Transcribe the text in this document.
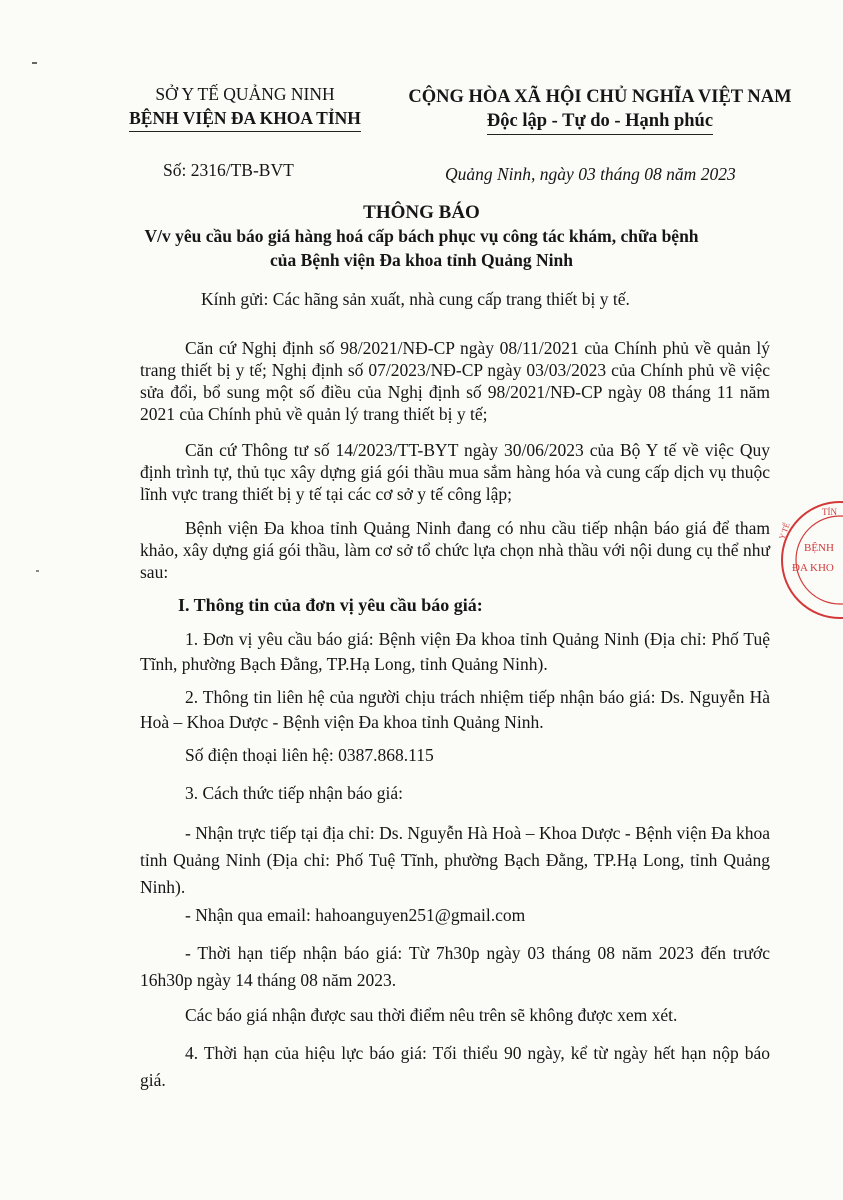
SỞ Y TẾ QUẢNG NINH
BỆNH VIỆN ĐA KHOA TỈNH
CỘNG HÒA XÃ HỘI CHỦ NGHĨA VIỆT NAM
Độc lập - Tự do - Hạnh phúc
Số: 2316/TB-BVT	Quảng Ninh, ngày 03 tháng 08 năm 2023
THÔNG BÁO
V/v yêu cầu báo giá hàng hoá cấp bách phục vụ công tác khám, chữa bệnh
của Bệnh viện Đa khoa tỉnh Quảng Ninh
Kính gửi: Các hãng sản xuất, nhà cung cấp trang thiết bị y tế.
Căn cứ Nghị định số 98/2021/NĐ-CP ngày 08/11/2021 của Chính phủ về quản lý trang thiết bị y tế; Nghị định số 07/2023/NĐ-CP ngày 03/03/2023 của Chính phủ về việc sửa đổi, bổ sung một số điều của Nghị định số 98/2021/NĐ-CP ngày 08 tháng 11 năm 2021 của Chính phủ về quản lý trang thiết bị y tế;
Căn cứ Thông tư số 14/2023/TT-BYT ngày 30/06/2023 của Bộ Y tế về việc Quy định trình tự, thủ tục xây dựng giá gói thầu mua sắm hàng hóa và cung cấp dịch vụ thuộc lĩnh vực trang thiết bị y tế tại các cơ sở y tế công lập;
Bệnh viện Đa khoa tỉnh Quảng Ninh đang có nhu cầu tiếp nhận báo giá để tham khảo, xây dựng giá gói thầu, làm cơ sở tổ chức lựa chọn nhà thầu với nội dung cụ thể như sau:
I. Thông tin của đơn vị yêu cầu báo giá:
1. Đơn vị yêu cầu báo giá: Bệnh viện Đa khoa tỉnh Quảng Ninh (Địa chỉ: Phố Tuệ Tĩnh, phường Bạch Đằng, TP.Hạ Long, tỉnh Quảng Ninh).
2. Thông tin liên hệ của người chịu trách nhiệm tiếp nhận báo giá: Ds. Nguyễn Hà Hoà – Khoa Dược - Bệnh viện Đa khoa tỉnh Quảng Ninh.
Số điện thoại liên hệ: 0387.868.115
3. Cách thức tiếp nhận báo giá:
- Nhận trực tiếp tại địa chỉ: Ds. Nguyễn Hà Hoà – Khoa Dược - Bệnh viện Đa khoa tỉnh Quảng Ninh (Địa chỉ: Phố Tuệ Tĩnh, phường Bạch Đằng, TP.Hạ Long, tỉnh Quảng Ninh).
- Nhận qua email: hahoanguyen251@gmail.com
- Thời hạn tiếp nhận báo giá: Từ 7h30p ngày 03 tháng 08 năm 2023 đến trước 16h30p ngày 14 tháng 08 năm 2023.
Các báo giá nhận được sau thời điểm nêu trên sẽ không được xem xét.
4. Thời hạn của hiệu lực báo giá: Tối thiểu 90 ngày, kể từ ngày hết hạn nộp báo giá.
TỈN
BỆNH
ĐA KHO
Y TẾ
